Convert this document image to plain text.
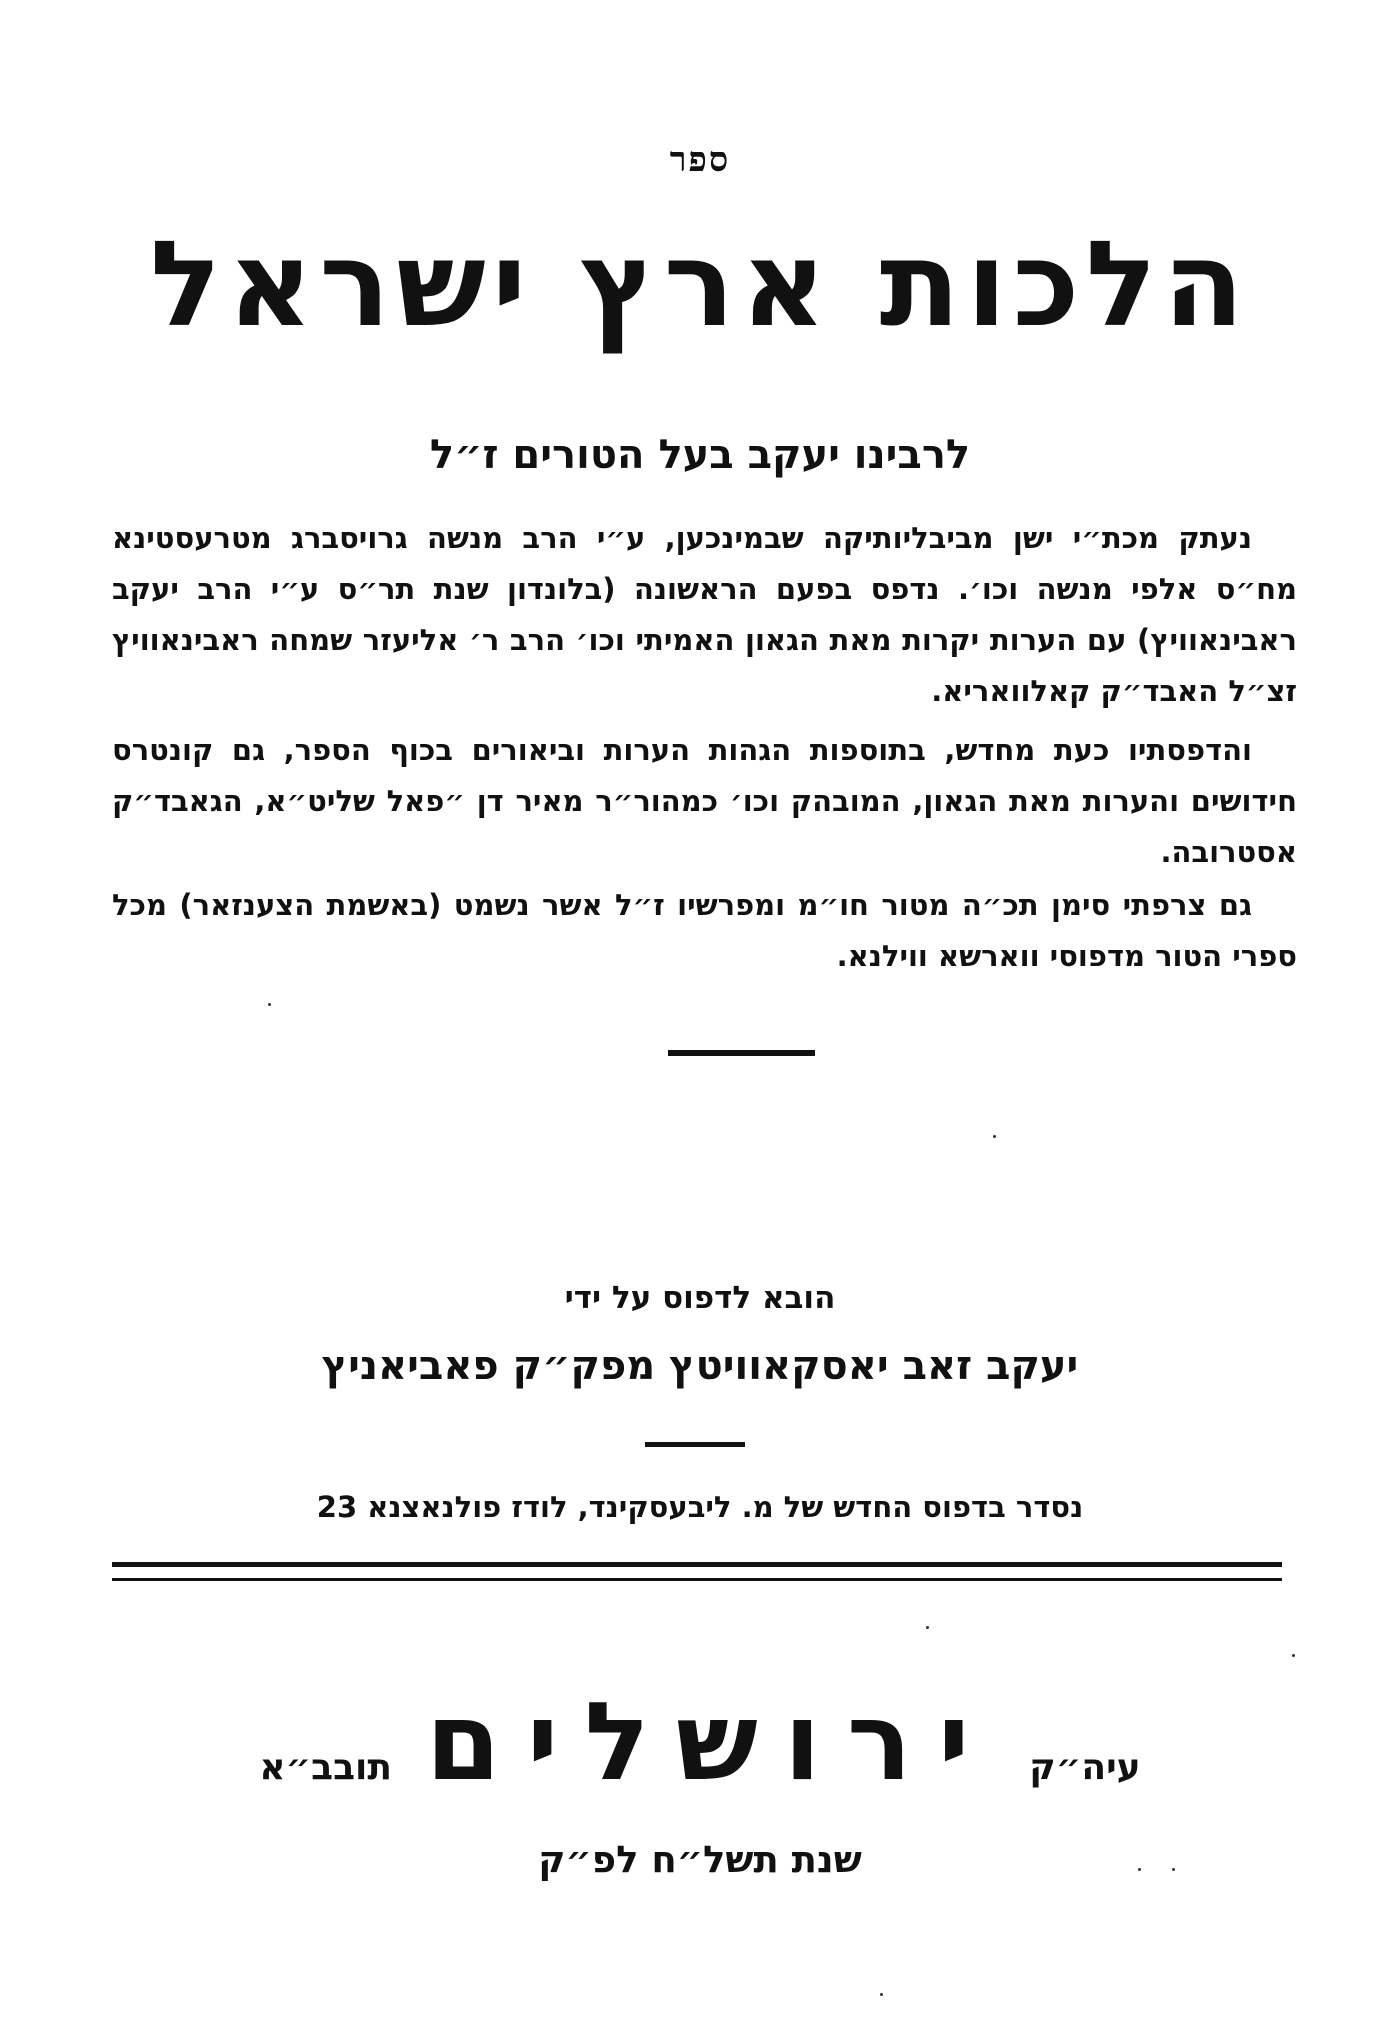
ספר
הלכות ארץ ישראל
לרבינו יעקב בעל הטורים ז״ל

נעתק מכת״י ישן מביבליותיקה שבמינכען, ע״י הרב מנשה גרויסברג מטרעסטינא מח״ס אלפי מנשה וכו׳. נדפס בפעם הראשונה (בלונדון שנת תר״ס ע״י הרב יעקב ראבינאוויץ) עם הערות יקרות מאת הגאון האמיתי וכו׳ הרב ר׳ אליעזר שמחה ראבינאוויץ זצ״ל האבד״ק קאלוואריא.

והדפסתיו כעת מחדש, בתוספות הגהות הערות וביאורים בכוף הספר, גם קונטרס חידושים והערות מאת הגאון, המובהק וכו׳ כמהור״ר מאיר דן ״פאל שליט״א, הגאבד״ק אסטרובה.

גם צרפתי סימן תכ״ה מטור חו״מ ומפרשיו ז״ל אשר נשמט (באשמת הצענזאר) מכל ספרי הטור מדפוסי ווארשא ווילנא.

הובא לדפוס על ידי
יעקב זאב יאסקאוויטץ מפק״ק פאביאניץ
נסדר בדפוס החדש של מ. ליבעסקינד, לודז פולנאצנא 23
עיה״ק ירושלים תובב״א
שנת תשל״ח לפ״ק
